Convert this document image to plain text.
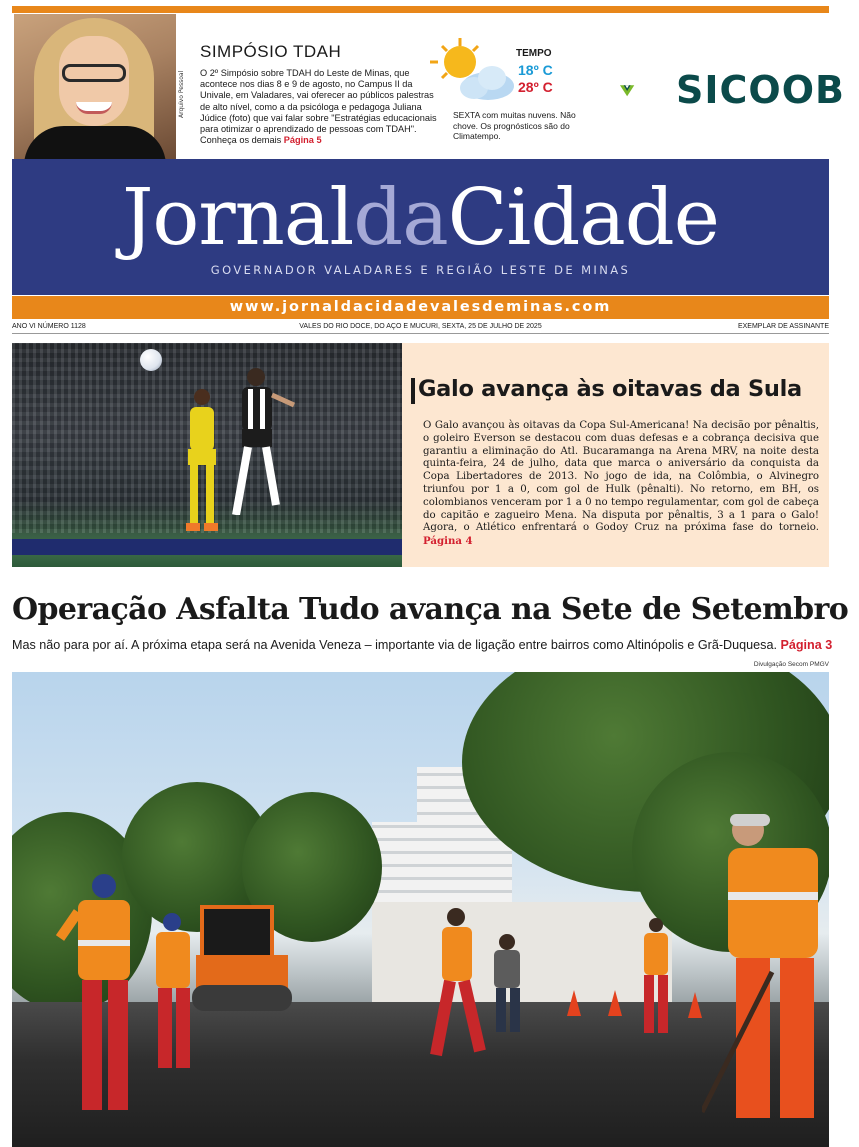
Arquivo Pessoal
SIMPÓSIO TDAH
O 2º Simpósio sobre TDAH do Leste de Minas, que acontece nos dias 8 e 9 de agosto, no Campus II da Univale, em Valadares, vai oferecer ao públicos palestras de alto nível, como a da psicóloga e pedagoga Juliana Júdice (foto) que vai falar sobre "Estratégias educacionais para otimizar o aprendizado de pessoas com TDAH". Conheça os demais Página 5
TEMPO
18º C
28º C
SEXTA com muitas nuvens. Não chove. Os prognósticos são do Climatempo.
SICOOB
JornaldaCidade
GOVERNADOR VALADARES E REGIÃO LESTE DE MINAS
www.jornaldacidadevalesdeminas.com
ANO VI NÚMERO 1128	VALES DO RIO DOCE, DO AÇO E MUCURI, SEXTA, 25 DE JULHO DE 2025	EXEMPLAR DE ASSINANTE
Galo avança às oitavas da Sula
O Galo avançou às oitavas da Copa Sul-Americana! Na decisão por pênaltis, o goleiro Everson se destacou com duas defesas e a cobrança decisiva que garantiu a eliminação do Atl. Bucaramanga na Arena MRV, na noite desta quinta-feira, 24 de julho, data que marca o aniversário da conquista da Copa Libertadores de 2013. No jogo de ida, na Colômbia, o Alvinegro triunfou por 1 a 0, com gol de Hulk (pênalti). No retorno, em BH, os colombianos venceram por 1 a 0 no tempo regulamentar, com gol de cabeça do capitão e zagueiro Mena. Na disputa por pênaltis, 3 a 1 para o Galo! Agora, o Atlético enfrentará o Godoy Cruz na próxima fase do torneio. Página 4
Operação Asfalta Tudo avança na Sete de Setembro
Mas não para por aí. A próxima etapa será na Avenida Veneza – importante via de ligação entre bairros como Altinópolis e Grã-Duquesa. Página 3
Divulgação Secom PMGV
